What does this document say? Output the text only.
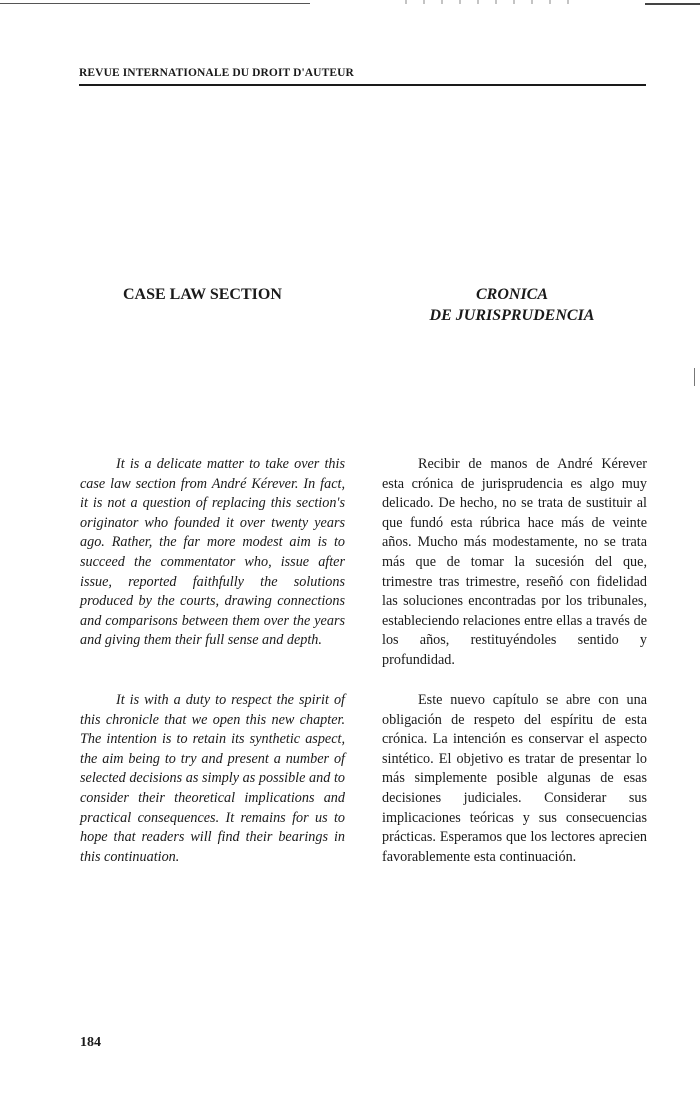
REVUE INTERNATIONALE DU DROIT D'AUTEUR
CASE LAW SECTION	CRONICA
DE JURISPRUDENCIA

It is a delicate matter to take over this case law section from André Kérever. In fact, it is not a question of replacing this section's originator who founded it over twenty years ago. Rather, the far more modest aim is to succeed the commentator who, issue after issue, reported faithfully the solutions produced by the courts, drawing connections and comparisons between them over the years and giving them their full sense and depth.

It is with a duty to respect the spirit of this chronicle that we open this new chapter. The intention is to retain its synthetic aspect, the aim being to try and present a number of selected decisions as simply as possible and to consider their theoretical implications and practical consequences. It remains for us to hope that readers will find their bearings in this continuation.

Recibir de manos de André Kérever esta crónica de jurisprudencia es algo muy delicado. De hecho, no se trata de sustituir al que fundó esta rúbrica hace más de veinte años. Mucho más modestamente, no se trata más que de tomar la sucesión del que, trimestre tras trimestre, reseñó con fidelidad las soluciones encontradas por los tribunales, estableciendo relaciones entre ellas a través de los años, restituyéndoles sentido y profundidad.

Este nuevo capítulo se abre con una obligación de respeto del espíritu de esta crónica. La intención es conservar el aspecto sintético. El objetivo es tratar de presentar lo más simplemente posible algunas de esas decisiones judiciales. Considerar sus implicaciones teóricas y sus consecuencias prácticas. Esperamos que los lectores aprecien favorablemente esta continuación.

184
